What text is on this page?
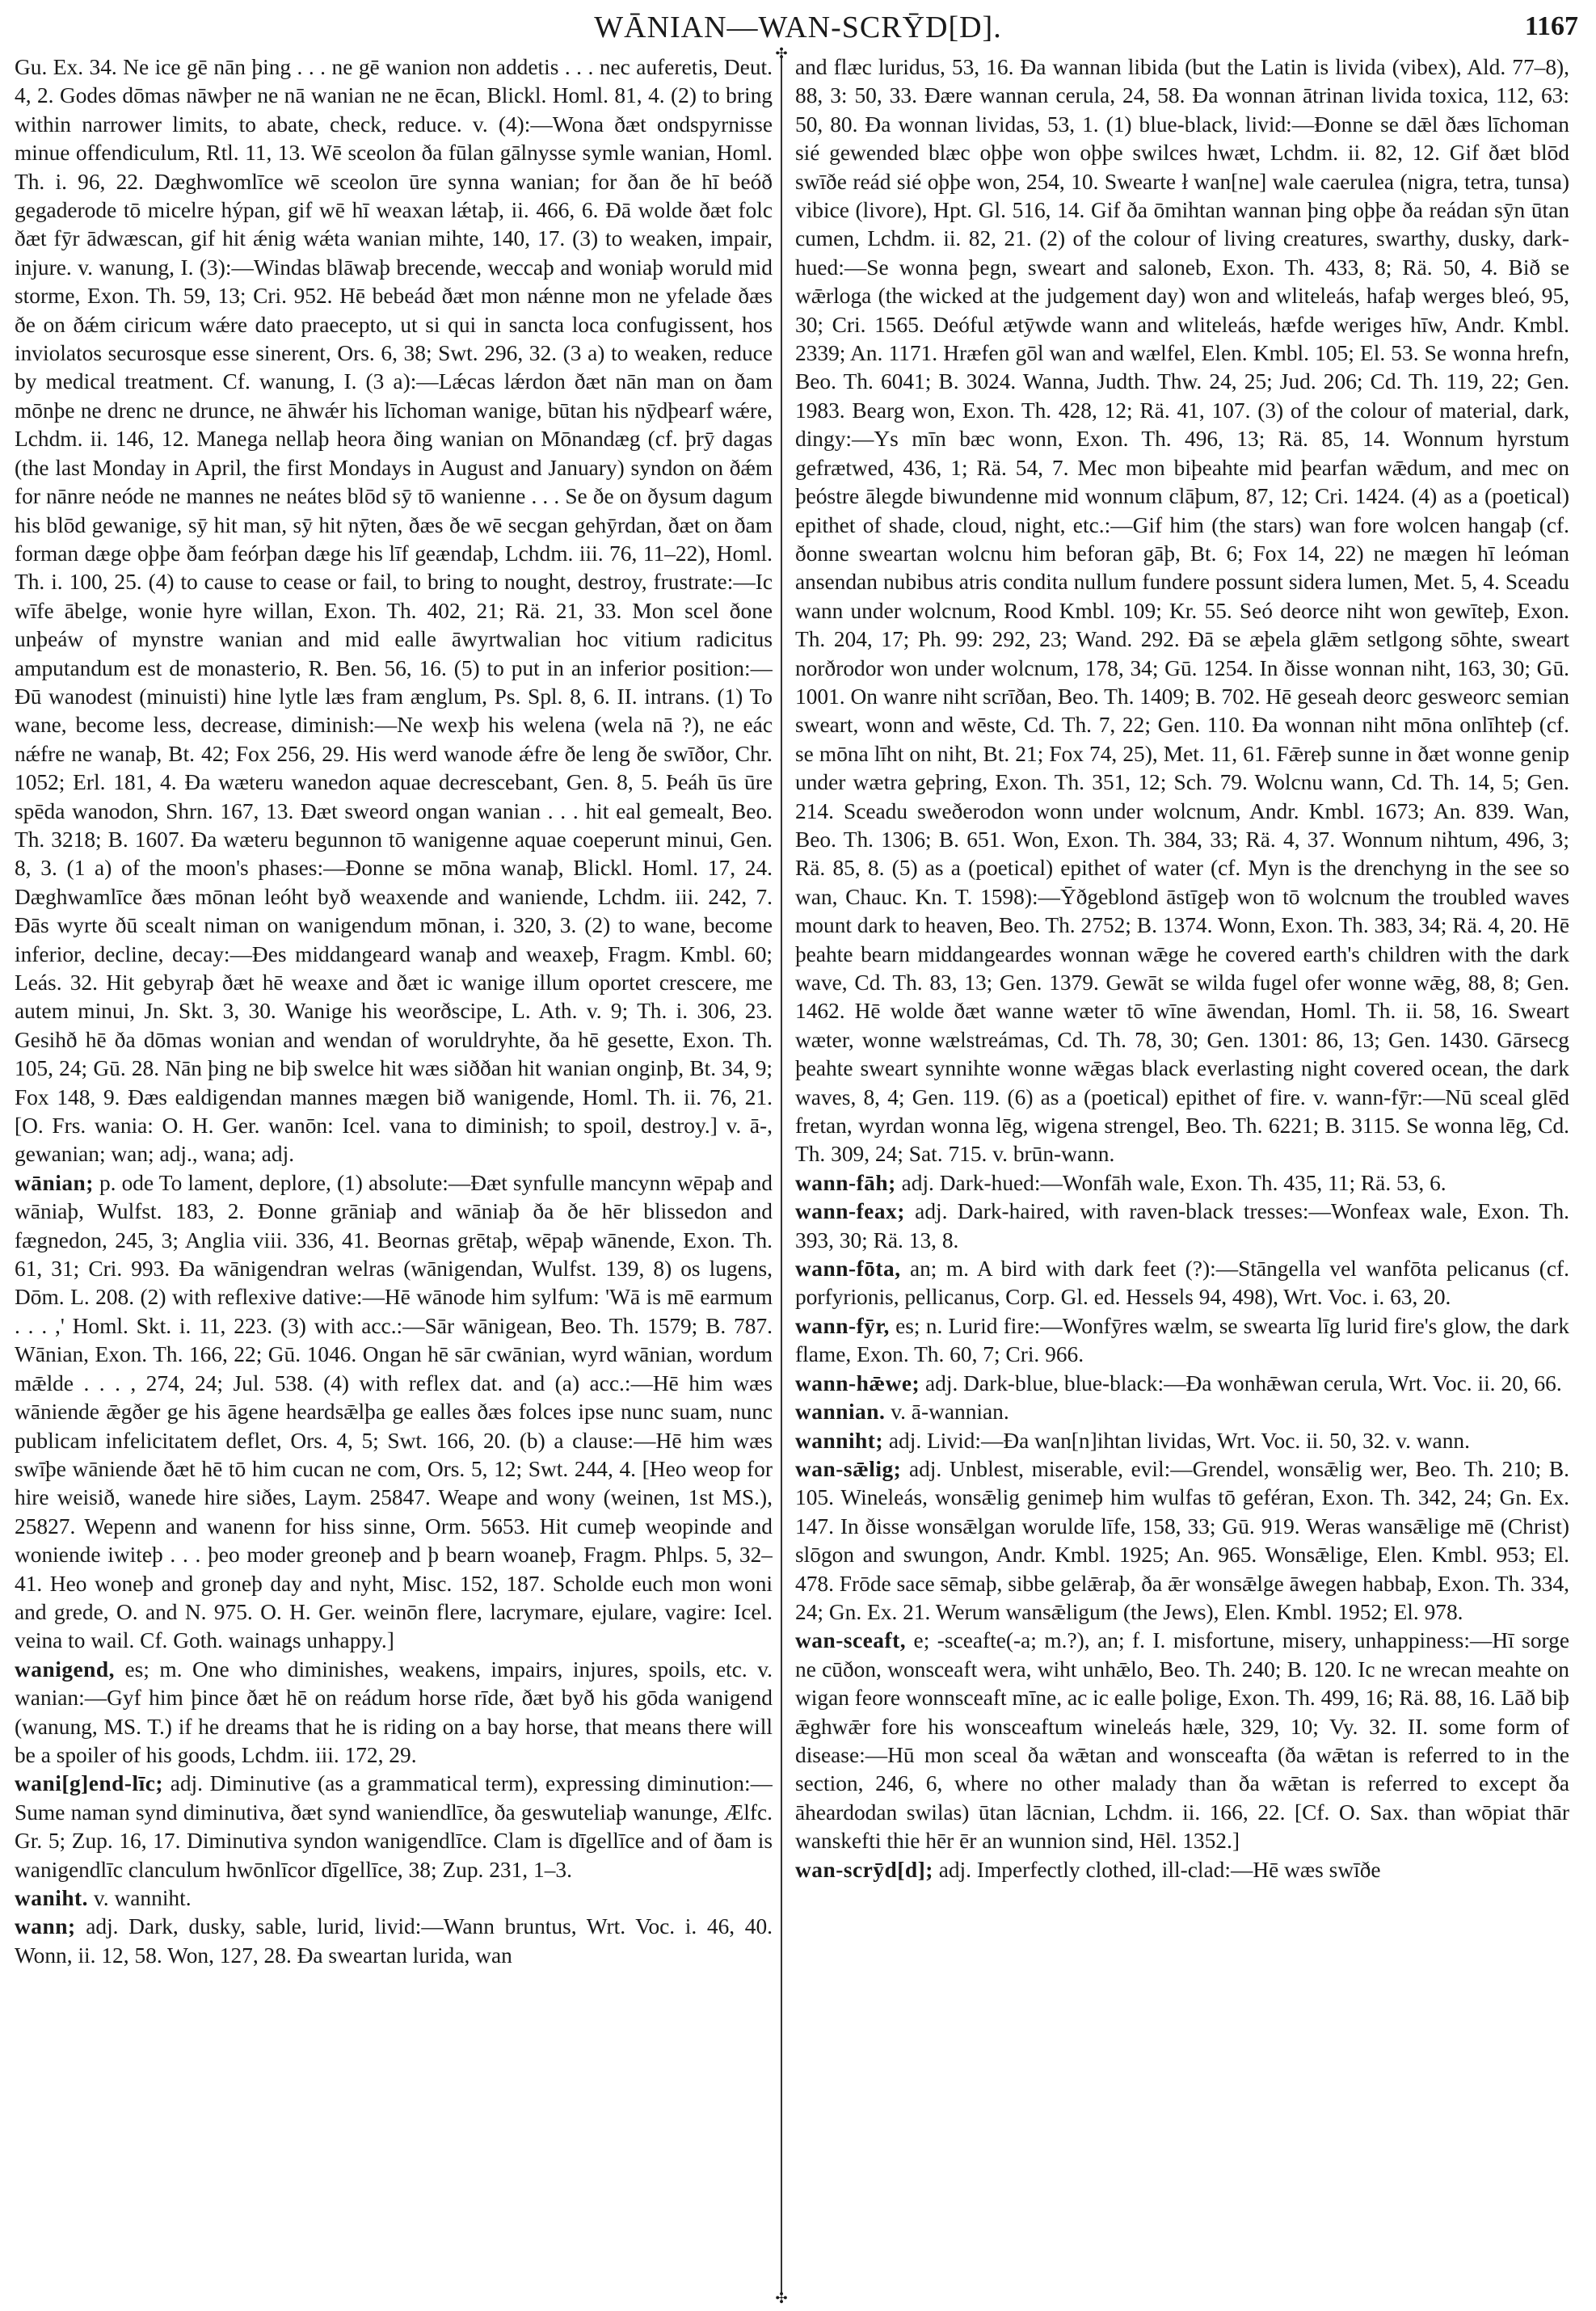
WĀNIAN—WAN-SCRȲD[D].	1167

Gu. Ex. 34. Ne ice gē nān þing . . . ne gē wanion non addetis . . . nec auferetis, Deut. 4, 2. Godes dōmas nāwþer ne nā wanian ne ne ēcan, Blickl. Homl. 81, 4. (2) to bring within narrower limits, to abate, check, reduce. v. (4):—Wona ðæt ondspyrnisse minue offendiculum, Rtl. 11, 13. Wē sceolon ða fūlan gālnysse symle wanian, Homl. Th. i. 96, 22. Dæghwomlīce wē sceolon ūre synna wanian; for ðan ðe hī beóð gegaderode tō micelre hýpan, gif wē hī weaxan lǽtaþ, ii. 466, 6. Ðā wolde ðæt folc ðæt fȳr ādwæscan, gif hit ǽnig wǽta wanian mihte, 140, 17. (3) to weaken, impair, injure. v. wanung, I. (3):—Windas blāwaþ brecende, weccaþ and woniaþ woruld mid storme, Exon. Th. 59, 13; Cri. 952. Hē bebeád ðæt mon nǽnne mon ne yfelade ðæs ðe on ðǽm ciricum wǽre dato praecepto, ut si qui in sancta loca confugissent, hos inviolatos securosque esse sinerent, Ors. 6, 38; Swt. 296, 32. (3 a) to weaken, reduce by medical treatment. Cf. wanung, I. (3 a):—Lǽcas lǽrdon ðæt nān man on ðam mōnþe ne drenc ne drunce, ne āhwǽr his līchoman wanige, būtan his nȳdþearf wǽre, Lchdm. ii. 146, 12. Manega nellaþ heora ðing wanian on Mōnandæg (cf. þrȳ dagas (the last Monday in April, the first Mondays in August and January) syndon on ðǽm for nānre neóde ne mannes ne neátes blōd sȳ tō wanienne . . . Se ðe on ðysum dagum his blōd gewanige, sȳ hit man, sȳ hit nȳten, ðæs ðe wē secgan gehȳrdan, ðæt on ðam forman dæge oþþe ðam feórþan dæge his līf geændaþ, Lchdm. iii. 76, 11–22), Homl. Th. i. 100, 25. (4) to cause to cease or fail, to bring to nought, destroy, frustrate:—Ic wīfe ābelge, wonie hyre willan, Exon. Th. 402, 21; Rä. 21, 33. Mon scel ðone unþeáw of mynstre wanian and mid ealle āwyrtwalian hoc vitium radicitus amputandum est de monasterio, R. Ben. 56, 16. (5) to put in an inferior position:—Ðū wanodest (minuisti) hine lytle læs fram ænglum, Ps. Spl. 8, 6. II. intrans. (1) To wane, become less, decrease, diminish:—Ne wexþ his welena (wela nā ?), ne eác nǽfre ne wanaþ, Bt. 42; Fox 256, 29. His werd wanode ǽfre ðe leng ðe swīðor, Chr. 1052; Erl. 181, 4. Ða wæteru wanedon aquae decrescebant, Gen. 8, 5. Þeáh ūs ūre spēda wanodon, Shrn. 167, 13. Ðæt sweord ongan wanian . . . hit eal gemealt, Beo. Th. 3218; B. 1607. Ða wæteru begunnon tō wanigenne aquae coeperunt minui, Gen. 8, 3. (1 a) of the moon's phases:—Ðonne se mōna wanaþ, Blickl. Homl. 17, 24. Dæghwamlīce ðæs mōnan leóht byð weaxende and waniende, Lchdm. iii. 242, 7. Ðās wyrte ðū scealt niman on wanigendum mōnan, i. 320, 3. (2) to wane, become inferior, decline, decay:—Ðes middangeard wanaþ and weaxeþ, Fragm. Kmbl. 60; Leás. 32. Hit gebyraþ ðæt hē weaxe and ðæt ic wanige illum oportet crescere, me autem minui, Jn. Skt. 3, 30. Wanige his weorðscipe, L. Ath. v. 9; Th. i. 306, 23. Gesihð hē ða dōmas wonian and wendan of woruldryhte, ða hē gesette, Exon. Th. 105, 24; Gū. 28. Nān þing ne biþ swelce hit wæs siððan hit wanian onginþ, Bt. 34, 9; Fox 148, 9. Ðæs ealdigendan mannes mægen bið wanigende, Homl. Th. ii. 76, 21. [O. Frs. wania: O. H. Ger. wanōn: Icel. vana to diminish; to spoil, destroy.] v. ā-, gewanian; wan; adj., wana; adj.

wānian; p. ode To lament, deplore, (1) absolute:—Ðæt synfulle mancynn wēpaþ and wāniaþ, Wulfst. 183, 2. Ðonne grāniaþ and wāniaþ ða ðe hēr blissedon and fægnedon, 245, 3; Anglia viii. 336, 41. Beornas grētaþ, wēpaþ wānende, Exon. Th. 61, 31; Cri. 993. Ða wānigendran welras (wānigendan, Wulfst. 139, 8) os lugens, Dōm. L. 208. (2) with reflexive dative:—Hē wānode him sylfum: 'Wā is mē earmum . . . ,' Homl. Skt. i. 11, 223. (3) with acc.:—Sār wānigean, Beo. Th. 1579; B. 787. Wānian, Exon. Th. 166, 22; Gū. 1046. Ongan hē sār cwānian, wyrd wānian, wordum mǣlde . . . , 274, 24; Jul. 538. (4) with reflex dat. and (a) acc.:—Hē him wæs wāniende ǣgðer ge his āgene heardsǣlþa ge ealles ðæs folces ipse nunc suam, nunc publicam infelicitatem deflet, Ors. 4, 5; Swt. 166, 20. (b) a clause:—Hē him wæs swīþe wāniende ðæt hē tō him cucan ne com, Ors. 5, 12; Swt. 244, 4. [Heo weop for hire weisið, wanede hire siðes, Laym. 25847. Weape and wony (weinen, 1st MS.), 25827. Wepenn and wanenn for hiss sinne, Orm. 5653. Hit cumeþ weopinde and woniende iwiteþ . . . þeo moder greoneþ and þ bearn woaneþ, Fragm. Phlps. 5, 32–41. Heo woneþ and groneþ day and nyht, Misc. 152, 187. Scholde euch mon woni and grede, O. and N. 975. O. H. Ger. weinōn flere, lacrymare, ejulare, vagire: Icel. veina to wail. Cf. Goth. wainags unhappy.]

wanigend, es; m. One who diminishes, weakens, impairs, injures, spoils, etc. v. wanian:—Gyf him þince ðæt hē on reádum horse rīde, ðæt byð his gōda wanigend (wanung, MS. T.) if he dreams that he is riding on a bay horse, that means there will be a spoiler of his goods, Lchdm. iii. 172, 29.

wani[g]end-līc; adj. Diminutive (as a grammatical term), expressing diminution:—Sume naman synd diminutiva, ðæt synd waniendlīce, ða geswuteliaþ wanunge, Ælfc. Gr. 5; Zup. 16, 17. Diminutiva syndon wanigendlīce. Clam is dīgellīce and of ðam is wanigendlīc clanculum hwōnlīcor dīgellīce, 38; Zup. 231, 1–3.

waniht. v. wanniht.

wann; adj. Dark, dusky, sable, lurid, livid:—Wann bruntus, Wrt. Voc. i. 46, 40. Wonn, ii. 12, 58. Won, 127, 28. Ða sweartan lurida, wan

✣
✣

and flæc luridus, 53, 16. Ða wannan libida (but the Latin is livida (vibex), Ald. 77–8), 88, 3: 50, 33. Ðære wannan cerula, 24, 58. Ða wonnan ātrinan livida toxica, 112, 63: 50, 80. Ða wonnan lividas, 53, 1. (1) blue-black, livid:—Ðonne se dǣl ðæs līchoman sié gewended blæc oþþe won oþþe swilces hwæt, Lchdm. ii. 82, 12. Gif ðæt blōd swīðe reád sié oþþe won, 254, 10. Swearte ł wan[ne] wale caerulea (nigra, tetra, tunsa) vibice (livore), Hpt. Gl. 516, 14. Gif ða ōmihtan wannan þing oþþe ða reádan sȳn ūtan cumen, Lchdm. ii. 82, 21. (2) of the colour of living creatures, swarthy, dusky, dark-hued:—Se wonna þegn, sweart and saloneb, Exon. Th. 433, 8; Rä. 50, 4. Bið se wǣrloga (the wicked at the judgement day) won and wliteleás, hafaþ werges bleó, 95, 30; Cri. 1565. Deóful ætȳwde wann and wliteleás, hæfde weriges hīw, Andr. Kmbl. 2339; An. 1171. Hræfen gōl wan and wælfel, Elen. Kmbl. 105; El. 53. Se wonna hrefn, Beo. Th. 6041; B. 3024. Wanna, Judth. Thw. 24, 25; Jud. 206; Cd. Th. 119, 22; Gen. 1983. Bearg won, Exon. Th. 428, 12; Rä. 41, 107. (3) of the colour of material, dark, dingy:—Ys mīn bæc wonn, Exon. Th. 496, 13; Rä. 85, 14. Wonnum hyrstum gefrætwed, 436, 1; Rä. 54, 7. Mec mon biþeahte mid þearfan wǣdum, and mec on þeóstre ālegde biwundenne mid wonnum clāþum, 87, 12; Cri. 1424. (4) as a (poetical) epithet of shade, cloud, night, etc.:—Gif him (the stars) wan fore wolcen hangaþ (cf. ðonne sweartan wolcnu him beforan gāþ, Bt. 6; Fox 14, 22) ne mægen hī leóman ansendan nubibus atris condita nullum fundere possunt sidera lumen, Met. 5, 4. Sceadu wann under wolcnum, Rood Kmbl. 109; Kr. 55. Seó deorce niht won gewīteþ, Exon. Th. 204, 17; Ph. 99: 292, 23; Wand. 292. Ðā se æþela glǣm setlgong sōhte, sweart norðrodor won under wolcnum, 178, 34; Gū. 1254. In ðisse wonnan niht, 163, 30; Gū. 1001. On wanre niht scrīðan, Beo. Th. 1409; B. 702. Hē geseah deorc gesweorc semian sweart, wonn and wēste, Cd. Th. 7, 22; Gen. 110. Ða wonnan niht mōna onlīhteþ (cf. se mōna līht on niht, Bt. 21; Fox 74, 25), Met. 11, 61. Fǣreþ sunne in ðæt wonne genip under wætra geþring, Exon. Th. 351, 12; Sch. 79. Wolcnu wann, Cd. Th. 14, 5; Gen. 214. Sceadu sweðerodon wonn under wolcnum, Andr. Kmbl. 1673; An. 839. Wan, Beo. Th. 1306; B. 651. Won, Exon. Th. 384, 33; Rä. 4, 37. Wonnum nihtum, 496, 3; Rä. 85, 8. (5) as a (poetical) epithet of water (cf. Myn is the drenchyng in the see so wan, Chauc. Kn. T. 1598):—Ȳðgeblond āstīgeþ won tō wolcnum the troubled waves mount dark to heaven, Beo. Th. 2752; B. 1374. Wonn, Exon. Th. 383, 34; Rä. 4, 20. Hē þeahte bearn middangeardes wonnan wǣge he covered earth's children with the dark wave, Cd. Th. 83, 13; Gen. 1379. Gewāt se wilda fugel ofer wonne wǣg, 88, 8; Gen. 1462. Hē wolde ðæt wanne wæter tō wīne āwendan, Homl. Th. ii. 58, 16. Sweart wæter, wonne wælstreámas, Cd. Th. 78, 30; Gen. 1301: 86, 13; Gen. 1430. Gārsecg þeahte sweart synnihte wonne wǣgas black everlasting night covered ocean, the dark waves, 8, 4; Gen. 119. (6) as a (poetical) epithet of fire. v. wann-fȳr:—Nū sceal glēd fretan, wyrdan wonna lēg, wigena strengel, Beo. Th. 6221; B. 3115. Se wonna lēg, Cd. Th. 309, 24; Sat. 715. v. brūn-wann.

wann-fāh; adj. Dark-hued:—Wonfāh wale, Exon. Th. 435, 11; Rä. 53, 6.

wann-feax; adj. Dark-haired, with raven-black tresses:—Wonfeax wale, Exon. Th. 393, 30; Rä. 13, 8.

wann-fōta, an; m. A bird with dark feet (?):—Stāngella vel wanfōta pelicanus (cf. porfyrionis, pellicanus, Corp. Gl. ed. Hessels 94, 498), Wrt. Voc. i. 63, 20.

wann-fȳr, es; n. Lurid fire:—Wonfȳres wælm, se swearta līg lurid fire's glow, the dark flame, Exon. Th. 60, 7; Cri. 966.

wann-hǣwe; adj. Dark-blue, blue-black:—Ða wonhǣwan cerula, Wrt. Voc. ii. 20, 66.

wannian. v. ā-wannian.

wanniht; adj. Livid:—Ða wan[n]ihtan lividas, Wrt. Voc. ii. 50, 32. v. wann.

wan-sǣlig; adj. Unblest, miserable, evil:—Grendel, wonsǣlig wer, Beo. Th. 210; B. 105. Wineleás, wonsǣlig genimeþ him wulfas tō geféran, Exon. Th. 342, 24; Gn. Ex. 147. In ðisse wonsǣlgan worulde līfe, 158, 33; Gū. 919. Weras wansǣlige mē (Christ) slōgon and swungon, Andr. Kmbl. 1925; An. 965. Wonsǣlige, Elen. Kmbl. 953; El. 478. Frōde sace sēmaþ, sibbe gelǣraþ, ða ǣr wonsǣlge āwegen habbaþ, Exon. Th. 334, 24; Gn. Ex. 21. Werum wansǣligum (the Jews), Elen. Kmbl. 1952; El. 978.

wan-sceaft, e; -sceafte(-a; m.?), an; f. I. misfortune, misery, unhappiness:—Hī sorge ne cūðon, wonsceaft wera, wiht unhǣlo, Beo. Th. 240; B. 120. Ic ne wrecan meahte on wigan feore wonnsceaft mīne, ac ic ealle þolige, Exon. Th. 499, 16; Rä. 88, 16. Lāð biþ ǣghwǣr fore his wonsceaftum wineleás hæle, 329, 10; Vy. 32. II. some form of disease:—Hū mon sceal ða wǣtan and wonsceafta (ða wǣtan is referred to in the section, 246, 6, where no other malady than ða wǣtan is referred to except ða āheardodan swilas) ūtan lācnian, Lchdm. ii. 166, 22. [Cf. O. Sax. than wōpiat thār wanskefti thie hēr ēr an wunnion sind, Hēl. 1352.]

wan-scrȳd[d]; adj. Imperfectly clothed, ill-clad:—Hē wæs swīðe
